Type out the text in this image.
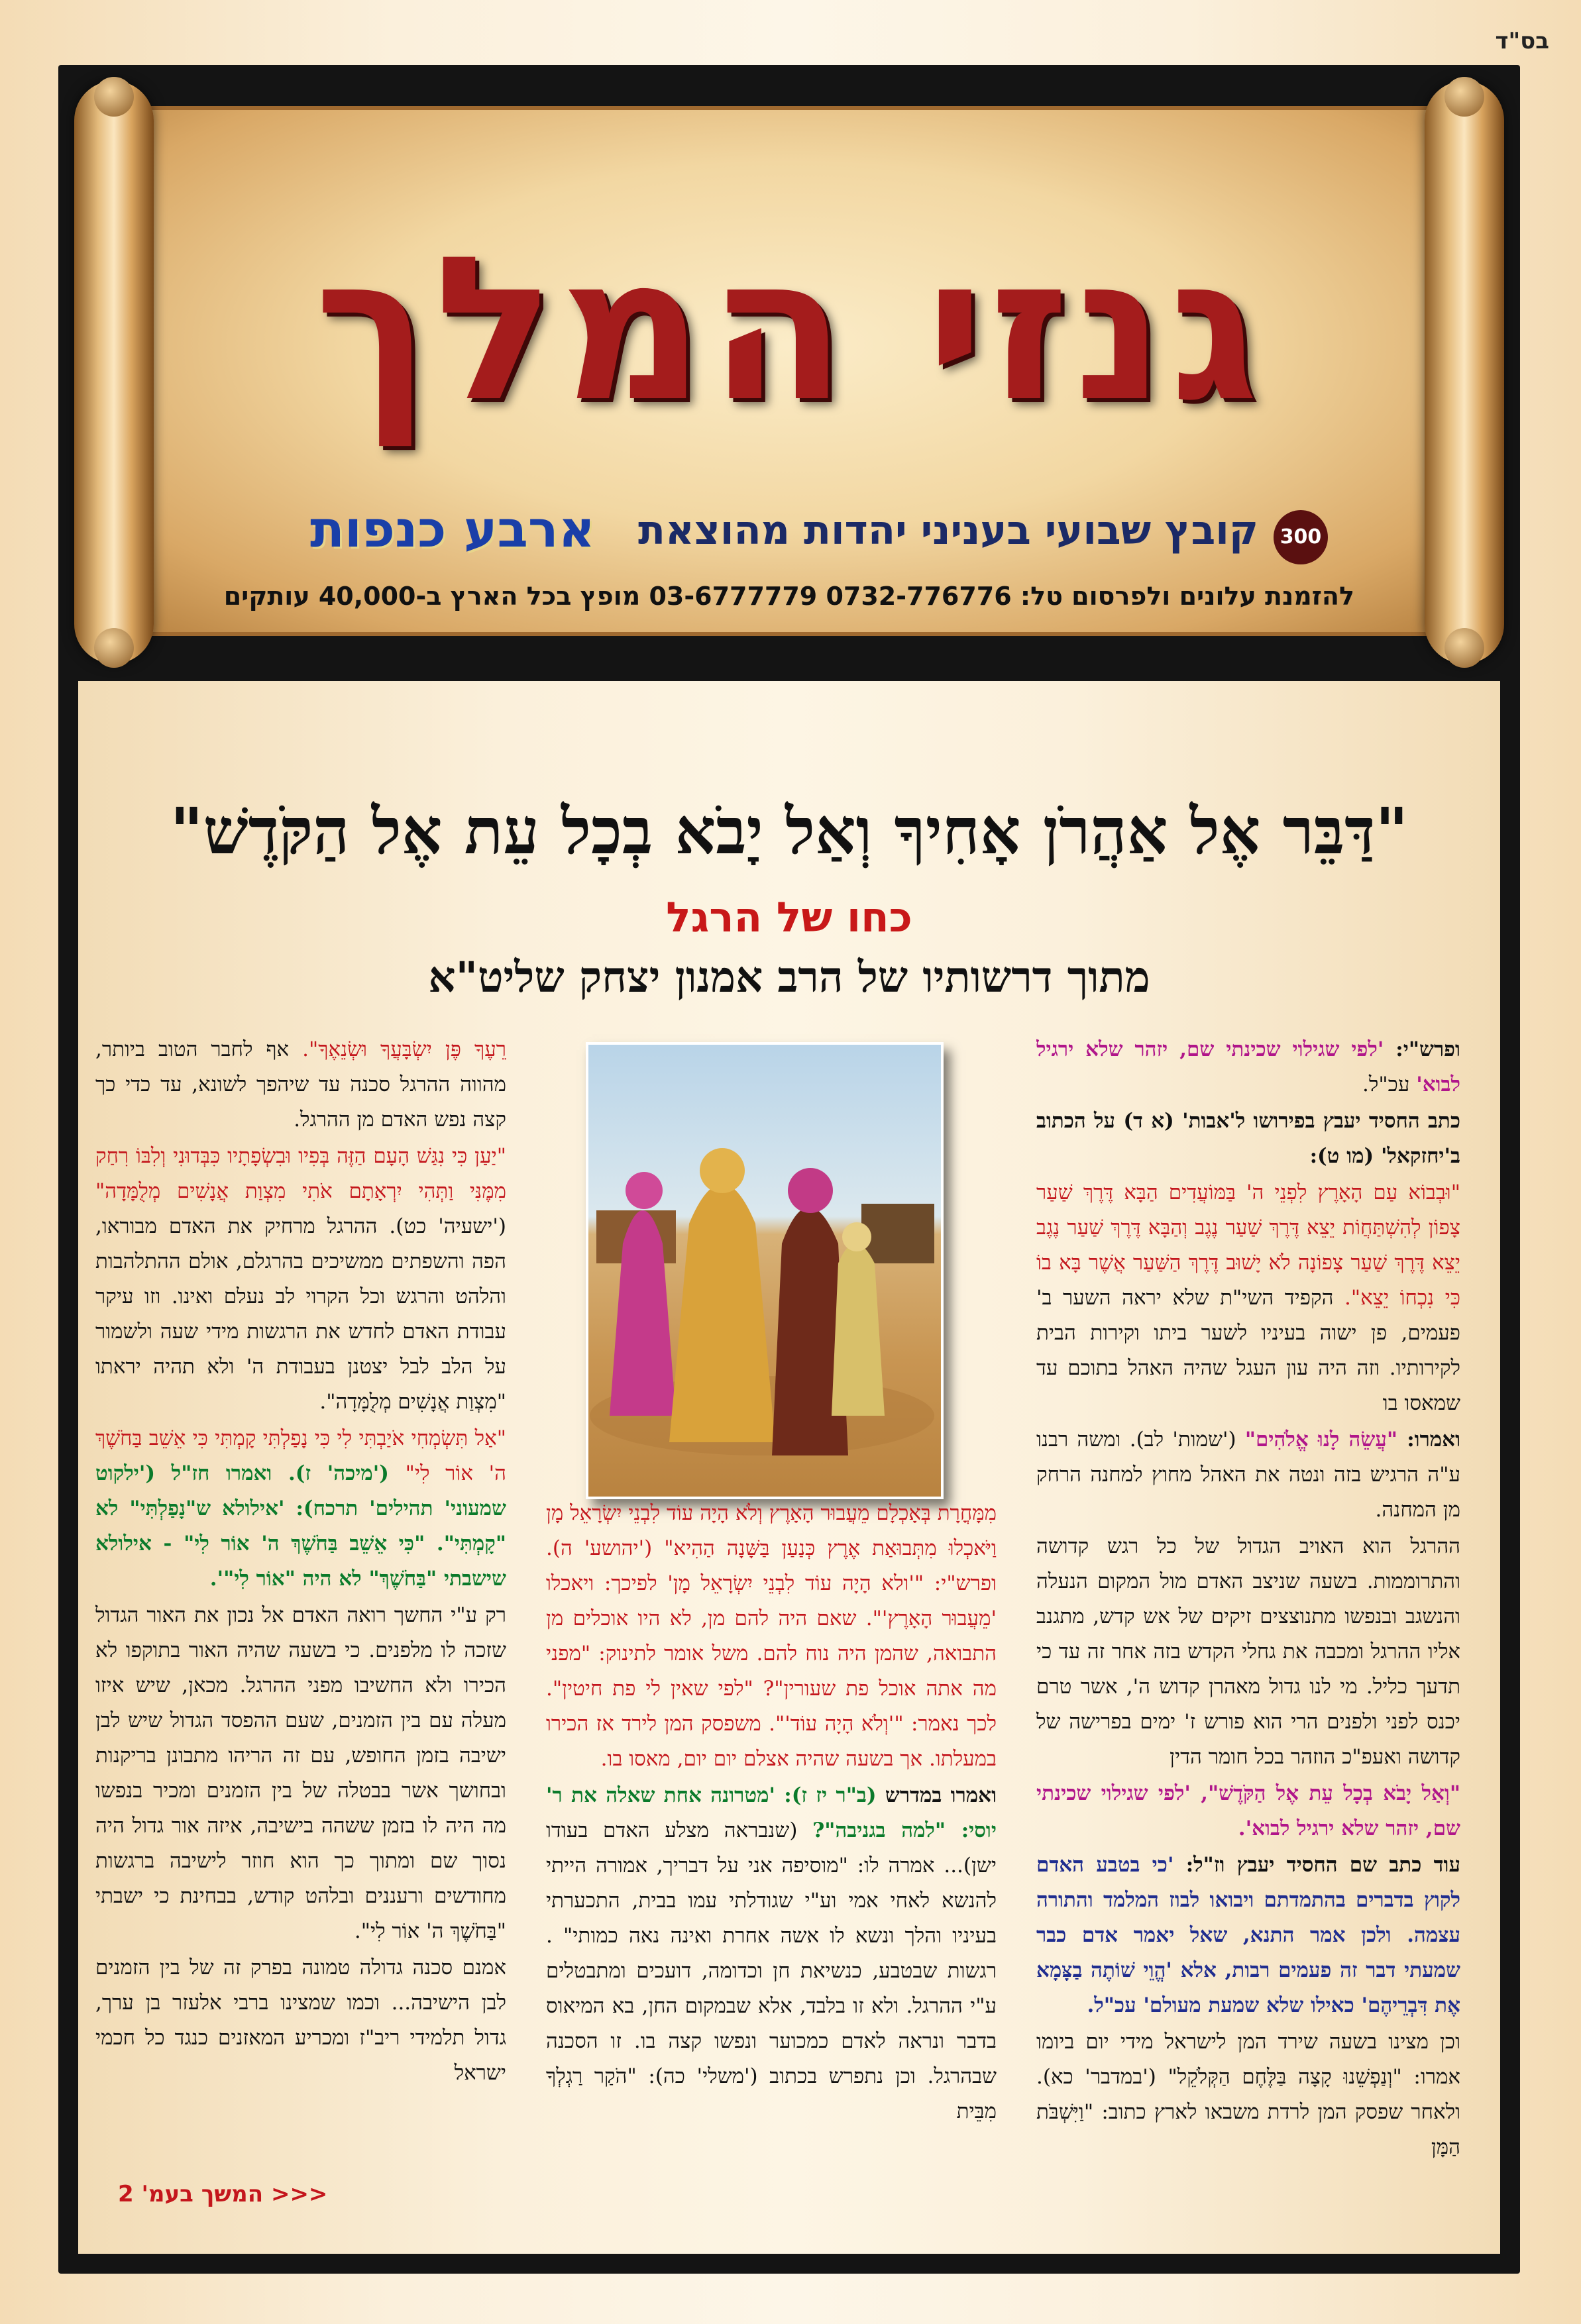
בס"ד
גנזי המלך
300
קובץ שבועי בעניני יהדות מהוצאת
ארבע כנפות
להזמנת עלונים ולפרסום טל: 0732-776776 03-6777779 מופץ בכל הארץ ב-40,000 עותקים
"דַּבֵּר אֶל אַהֲרֹן אָחִיךָ וְאַל יָבֹא בְכָל עֵת אֶל הַקֹּדֶשׁ"
כחו של הרגל
מתוך דרשותיו של הרב אמנון יצחק שליט"א

ופרש"י: 'לפי שגילוי שכינתי שם, יזהר שלא ירגיל לבוא' עכ"ל.

כתב החסיד יעבץ בפירושו ל'אבות' (א ד) על הכתוב ב'יחזקאל' (מו ט):

"וּבְבוֹא עַם הָאָרֶץ לִפְנֵי ה' בַּמּוֹעֲדִים הַבָּא דֶּרֶךְ שַׁעַר צָפוֹן לְהִשְׁתַּחֲוֹת יֵצֵא דֶּרֶךְ שַׁעַר נֶגֶב וְהַבָּא דֶּרֶךְ שַׁעַר נֶגֶב יֵצֵא דֶּרֶךְ שַׁעַר צָפוֹנָה לֹא יָשׁוּב דֶּרֶךְ הַשַּׁעַר אֲשֶׁר בָּא בוֹ כִּי נִכְחוֹ יֵצֵא". הקפיד השי"ת שלא יראה השער ב' פעמים, פן ישוה בעיניו לשער ביתו וקירות הבית לקירותיו. וזה היה עון העגל שהיה האהל בתוכם עד שמאסו בו

ואמרו: "עֲשֵׂה לָנוּ אֱלֹהִים" ('שמות' לב). ומשה רבנו ע"ה הרגיש בזה ונטה את האהל מחוץ למחנה הרחק מן המחנה.

ההרגל הוא האויב הגדול של כל רגש קדושה והתרוממות. בשעה שניצב האדם מול המקום הנעלה והנשגב ובנפשו מתנוצצים זיקים של אש קדש, מתגנב אליו ההרגל ומכבה את גחלי הקדש בזה אחר זה עד כי תדעך כליל. מי לנו גדול מאהרן קדוש ה', אשר טרם יכנס לפני ולפנים הרי הוא פורש ז' ימים בפרישה של קדושה ואעפ"כ הוזהר בכל חומר הדין

"וְאַל יָבֹא בְכָל עֵת אֶל הַקֹּדֶשׁ", 'לפי שגילוי שכינתי שם, יזהר שלא ירגיל לבוא'.

עוד כתב שם החסיד יעבץ וז"ל: 'כי בטבע האדם לקוץ בדברים בהתמדתם ויבואו לבוז המלמד והתורה עצמה. ולכן אמר התנא, שאל יאמר אדם כבר שמעתי דבר זה פעמים רבות, אלא 'הֱוֵי שׁוֹתֶה בַצָּמָא אֶת דִּבְרֵיהֶם' כאילו שלא שמעת מעולם' עכ"ל.

וכן מצינו בשעה שירד המן לישראל מידי יום ביומו אמרו: "וְנַפְשֵׁנוּ קָצָה בַּלֶּחֶם הַקְּלֹקֵל" ('במדבר' כא). ולאחר שפסק המן לרדת משבאו לארץ כתוב: "וַיִּשְׁבֹּת הַמָּן

מִמָּחֳרָת בְּאָכְלָם מֵעֲבוּר הָאָרֶץ וְלֹא הָיָה עוֹד לִבְנֵי יִשְׂרָאֵל מָן וַיֹּאכְלוּ מִתְּבוּאַת אֶרֶץ כְּנַעַן בַּשָּׁנָה הַהִיא" ('יהושע' ה). ופרש"י: "'ולא הָיָה עוֹד לִבְנֵי יִשְׂרָאֵל מָן' לפיכך: ויאכלו 'מֵעֲבוּר הָאָרֶץ'". שאם היה להם מן, לא היו אוכלים מן התבואה, שהמן היה נוח להם. משל אומר לתינוק: "מפני מה אתה אוכל פת שעורין"? "לפי שאין לי פת חיטין". לכך נאמר: "'וְלֹא הָיָה עוֹד'". משפסק המן לירד אז הכירו במעלתו. אך בשעה שהיה אצלם יום יום, מאסו בו.

ואמרו במדרש (ב"ר יז ז): 'מטרונה אחת שאלה את ר' יוסי: "למה בגניבה"? (שנבראה מצלע האדם בעודו ישן)... אמרה לו: "מוסיפה אני על דבריך, אמורה הייתי להנשא לאחי אמי וע"י שגודלתי עמו בבית, התכערתי בעיניו והלך ונשא לו אשה אחרת ואינה נאה כמותי" . רגשות שבטבע, כנשיאת חן וכדומה, דועכים ומתבטלים ע"י ההרגל. ולא זו בלבד, אלא שבמקום החן, בא המיאוס בדבר ונראה לאדם כמכוער ונפשו קצה בו. זו הסכנה שבהרגל. וכן נתפרש בכתוב ('משלי' כה): "הֹקַר רַגְלְךָ מִבֵּית

רֵעֶךָ פֶּן יִשְׂבָּעֲךָ וּשְׂנֵאֶךָ". אף לחבר הטוב ביותר, מהווה ההרגל סכנה עד שיהפך לשונא, עד כדי כך קצה נפש האדם מן ההרגל.

"יַעַן כִּי נִגַּשׁ הָעָם הַזֶּה בְּפִיו וּבִשְׂפָתָיו כִּבְּדוּנִי וְלִבּוֹ רִחַק מִמֶּנִּי וַתְּהִי יִרְאָתָם אֹתִי מִצְוַת אֲנָשִׁים מְלֻמָּדָה" ('ישעיה' כט). ההרגל מרחיק את האדם מבוראו, הפה והשפתים ממשיכים בהרגלם, אולם ההתלהבות והלהט והרגש וכל הקרוי לב נעלם ואינו. וזו עיקר עבודת האדם לחדש את הרגשות מידי שעה ולשמור על הלב לבל יצטנן בעבודת ה' ולא תהיה יראתו "מִצְוַת אֲנָשִׁים מְלֻמָּדָה".

"אַל תִּשְׂמְחִי אֹיַבְתִּי לִי כִּי נָפַלְתִּי קָמְתִּי כִּי אֵשֵׁב בַּחֹשֶׁךְ ה' אוֹר לִי" ('מיכה' ז). ואמרו חז"ל ('ילקוט שמעוני' תהילים' תרכח): 'אילולא ש"נָפַלְתִּי" לא "קָמְתִּי". "כִּי אֵשֵׁב בַּחֹשֶׁךְ ה' אוֹר לִי" - אילולא שישבתי "בַּחֹשֶׁךְ" לא היה "אוֹר לִי"'.

רק ע"י החשך רואה האדם אל נכון את האור הגדול שזכה לו מלפנים. כי בשעה שהיה האור בתוקפו לא הכירו ולא החשיבו מפני ההרגל. מכאן, שיש איזו מעלה עם בין הזמנים, שעם ההפסד הגדול שיש לבן ישיבה בזמן החופש, עם זה הריהו מתבונן בריקנות ובחושך אשר בבטלה של בין הזמנים ומכיר בנפשו מה היה לו בזמן ששהה בישיבה, איזה אור גדול היה נסוך שם ומתוך כך הוא חוזר לישיבה ברגשות מחודשים ורעננים ובלהט קודש, בבחינת כי ישבתי "בַּחֹשֶׁךְ ה' אוֹר לִי".

אמנם סכנה גדולה טמונה בפרק זה של בין הזמנים לבן הישיבה... וכמו שמצינו ברבי אלעזר בן ערך, גדול תלמידי ריב"ז ומכריע המאזנים כנגד כל חכמי ישראל

<<< המשך בעמ' 2
